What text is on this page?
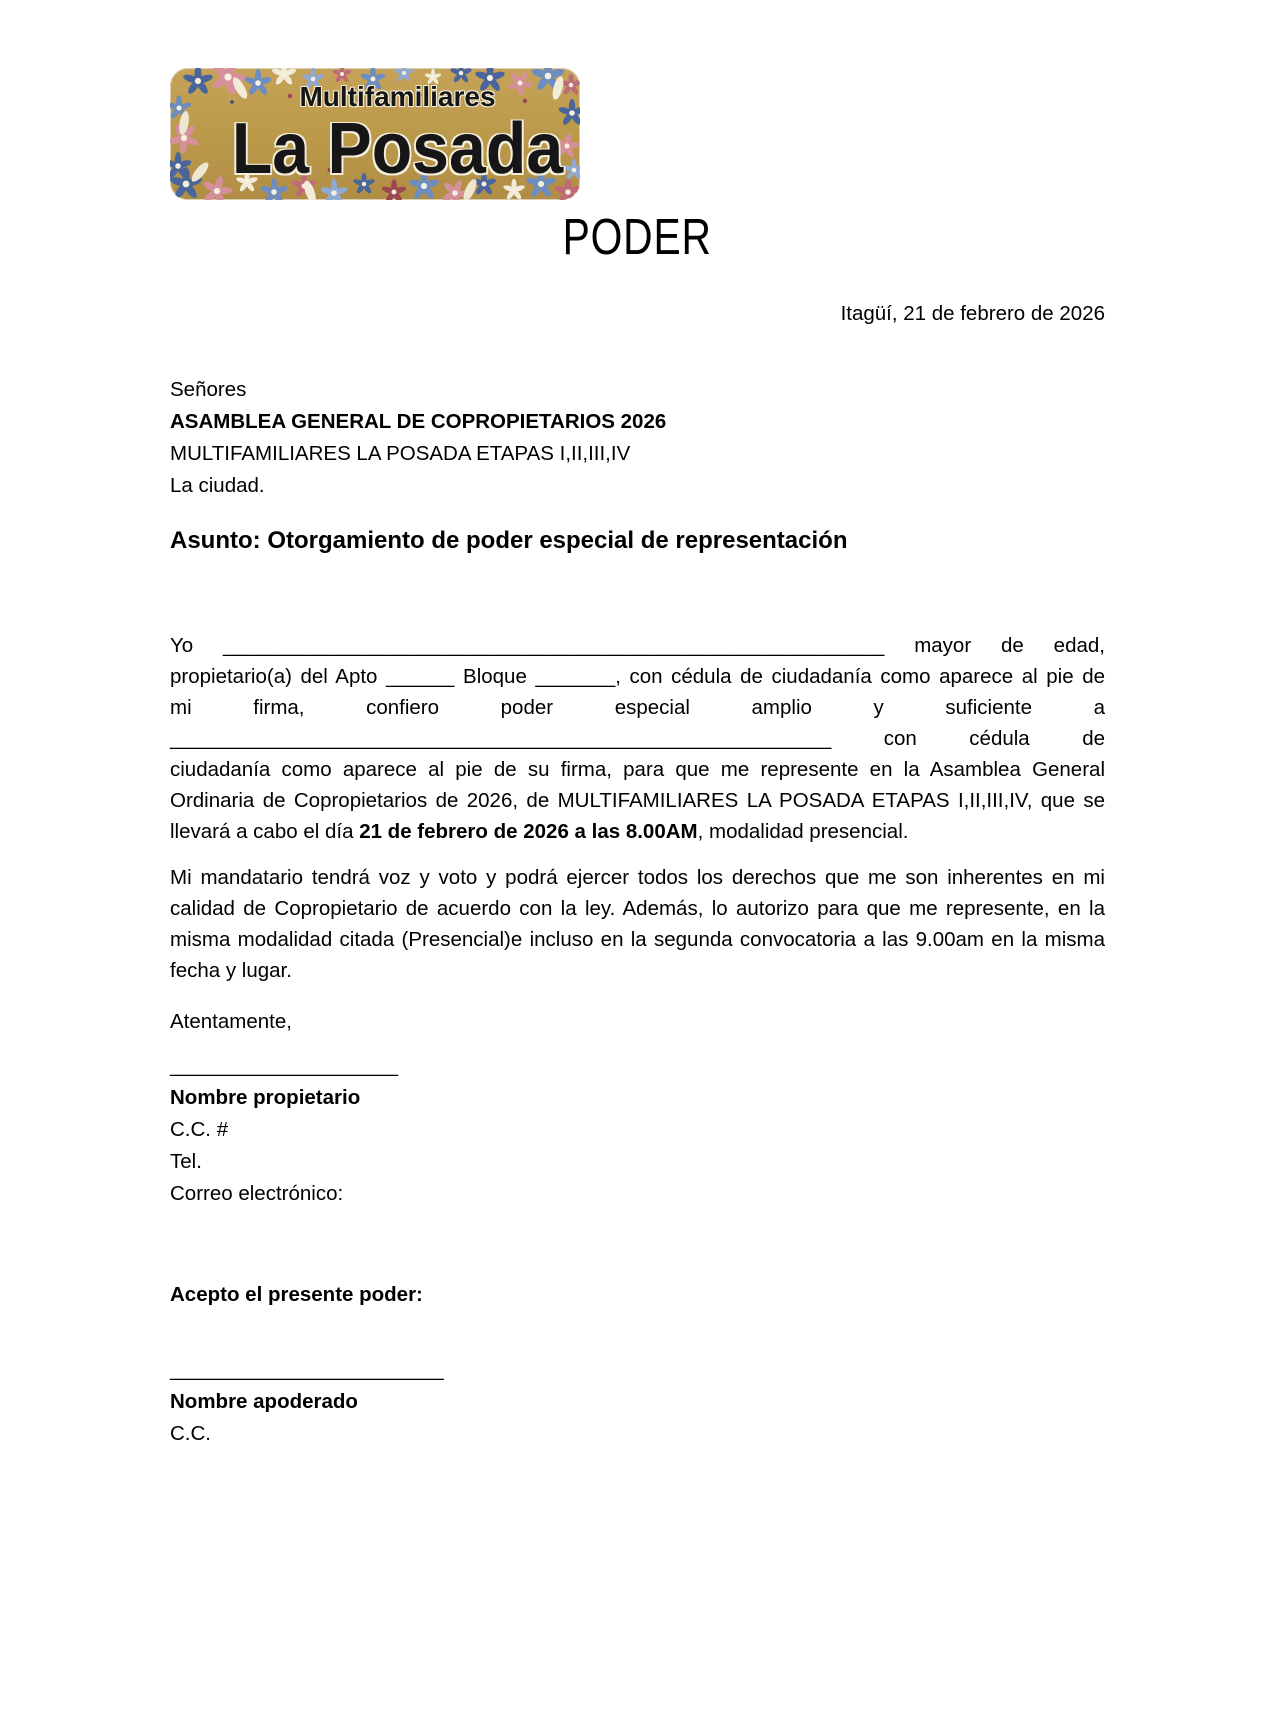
Multifamiliares
La Posada
PODER
Itagüí, 21 de febrero de 2026
Señores
ASAMBLEA GENERAL DE COPROPIETARIOS 2026
MULTIFAMILIARES LA POSADA ETAPAS I,II,III,IV
La ciudad.
Asunto: Otorgamiento de poder especial de representación
Yo __________________________________________________________ mayor de edad,
propietario(a) del Apto ______ Bloque _______, con cédula de ciudadanía como aparece al pie de
mi firma, confiero poder especial amplio y suficiente a
__________________________________________________________ con cédula de
ciudadanía como aparece al pie de su firma, para que me represente en la Asamblea General
Ordinaria de Copropietarios de 2026, de MULTIFAMILIARES LA POSADA ETAPAS I,II,III,IV, que se
llevará a cabo el día 21 de febrero de 2026 a las 8.00AM, modalidad presencial.
Mi mandatario tendrá voz y voto y podrá ejercer todos los derechos que me son inherentes en mi
calidad de Copropietario de acuerdo con la ley. Además, lo autorizo para que me represente, en la
misma modalidad citada (Presencial)e incluso en la segunda convocatoria a las 9.00am en la misma
fecha y lugar.
Atentamente,
____________________
Nombre propietario
C.C. #
Tel.
Correo electrónico:
Acepto el presente poder:
________________________
Nombre apoderado
C.C.
